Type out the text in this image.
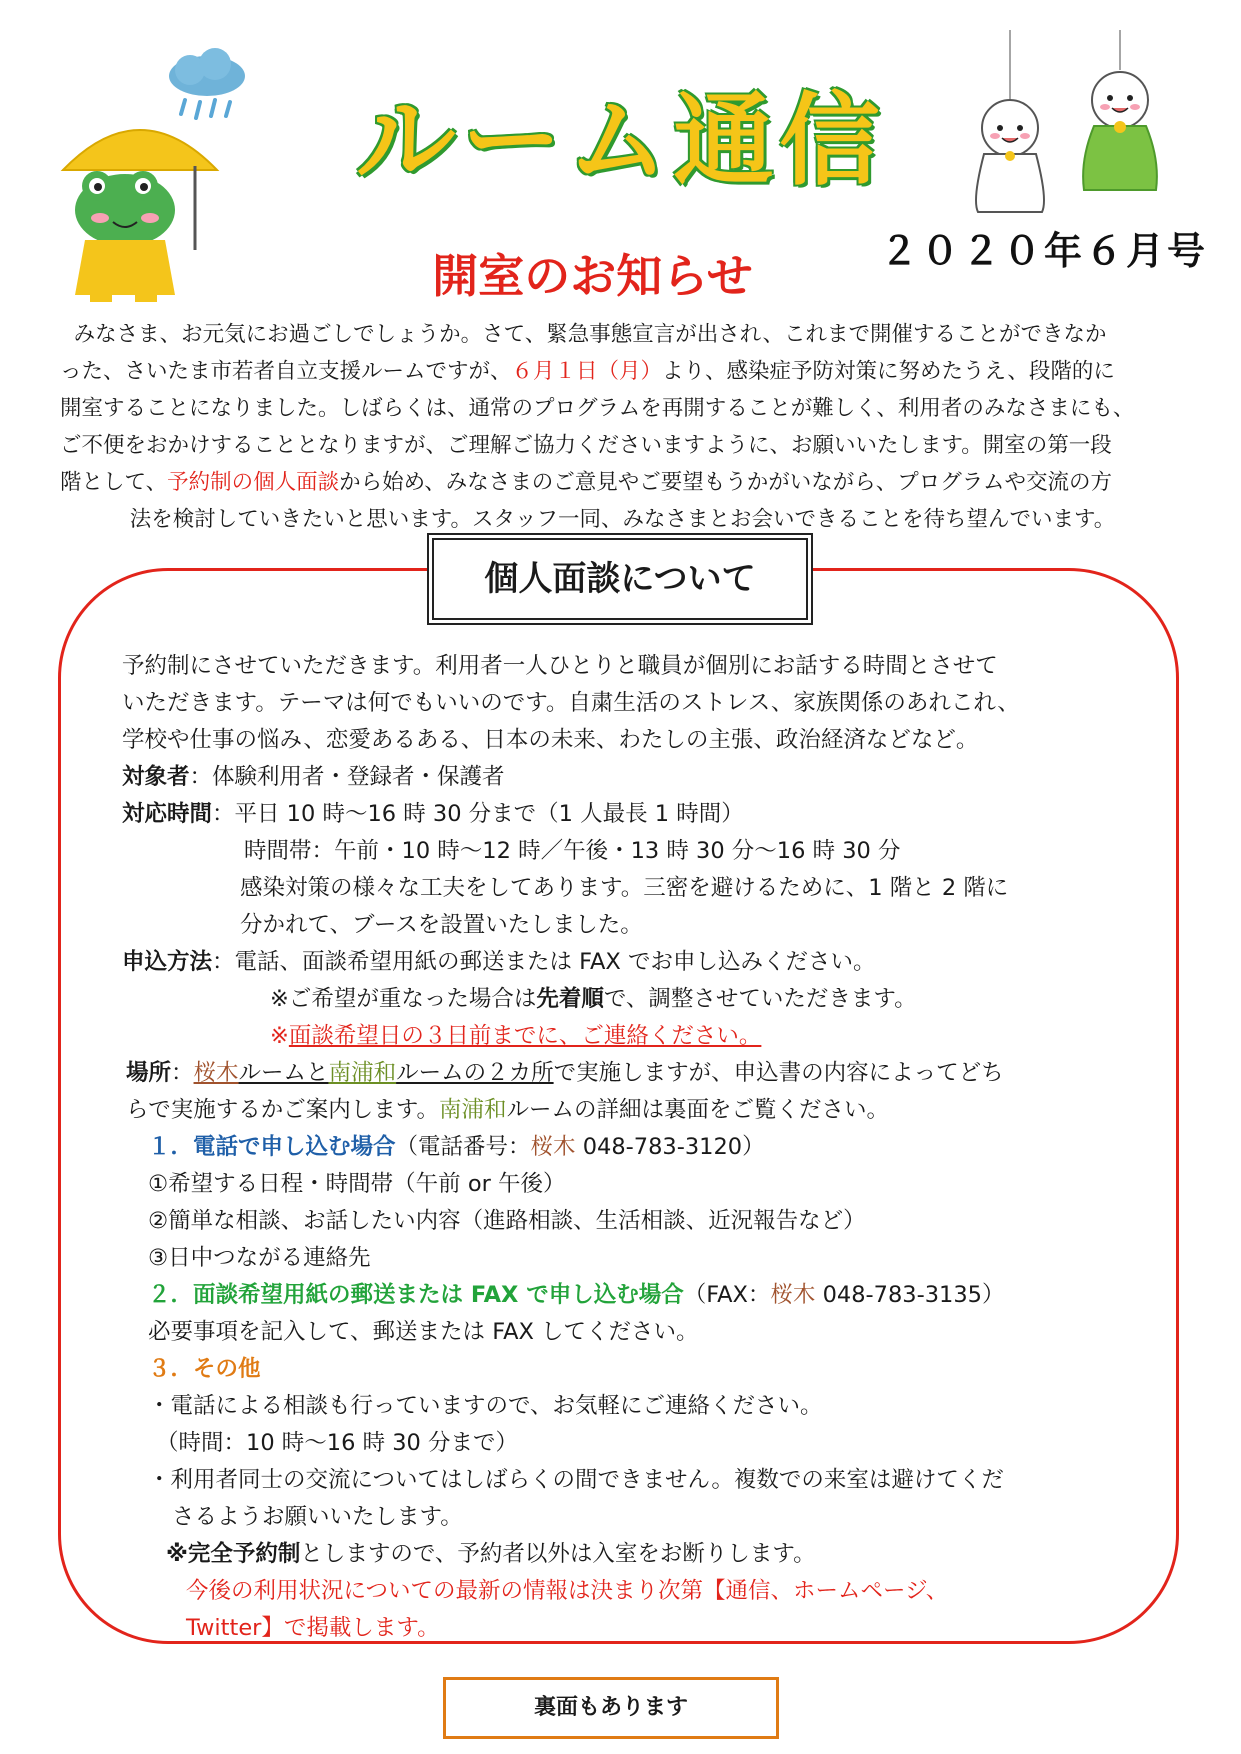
ルーム通信
２０２０年６月号
開室のお知らせ

みなさま、お元気にお過ごしでしょうか。さて、緊急事態宣言が出され、これまで開催することができなか

った、さいたま市若者自立支援ルームですが、６月１日（月）より、感染症予防対策に努めたうえ、段階的に

開室することになりました。しばらくは、通常のプログラムを再開することが難しく、利用者のみなさまにも、

ご不便をおかけすることとなりますが、ご理解ご協力くださいますように、お願いいたします。開室の第一段

階として、予約制の個人面談から始め、みなさまのご意見やご要望もうかがいながら、プログラムや交流の方

法を検討していきたいと思います。スタッフ一同、みなさまとお会いできることを待ち望んでいます。

個人面談について

予約制にさせていただきます。利用者一人ひとりと職員が個別にお話する時間とさせて

いただきます。テーマは何でもいいのです。自粛生活のストレス、家族関係のあれこれ、

学校や仕事の悩み、恋愛あるある、日本の未来、わたしの主張、政治経済などなど。

対象者：体験利用者・登録者・保護者

対応時間：平日 10 時～16 時 30 分まで（1 人最長 1 時間）

時間帯：午前・10 時～12 時／午後・13 時 30 分～16 時 30 分

感染対策の様々な工夫をしてあります。三密を避けるために、1 階と 2 階に

分かれて、ブースを設置いたしました。

申込方法：電話、面談希望用紙の郵送または FAX でお申し込みください。

※ご希望が重なった場合は先着順で、調整させていただきます。

※面談希望日の３日前までに、ご連絡ください。

場所：桜木ルームと南浦和ルームの２カ所で実施しますが、申込書の内容によってどち

らで実施するかご案内します。南浦和ルームの詳細は裏面をご覧ください。

１．電話で申し込む場合（電話番号：桜木 048-783-3120）

①希望する日程・時間帯（午前 or 午後）

②簡単な相談、お話したい内容（進路相談、生活相談、近況報告など）

③日中つながる連絡先

２．面談希望用紙の郵送または FAX で申し込む場合（FAX：桜木 048-783-3135）

必要事項を記入して、郵送または FAX してください。

３．その他

・電話による相談も行っていますので、お気軽にご連絡ください。

（時間：10 時～16 時 30 分まで）

・利用者同士の交流についてはしばらくの間できません。複数での来室は避けてくだ

さるようお願いいたします。

※完全予約制としますので、予約者以外は入室をお断りします。

今後の利用状況についての最新の情報は決まり次第【通信、ホームページ、

Twitter】で掲載します。

裏面もあります
